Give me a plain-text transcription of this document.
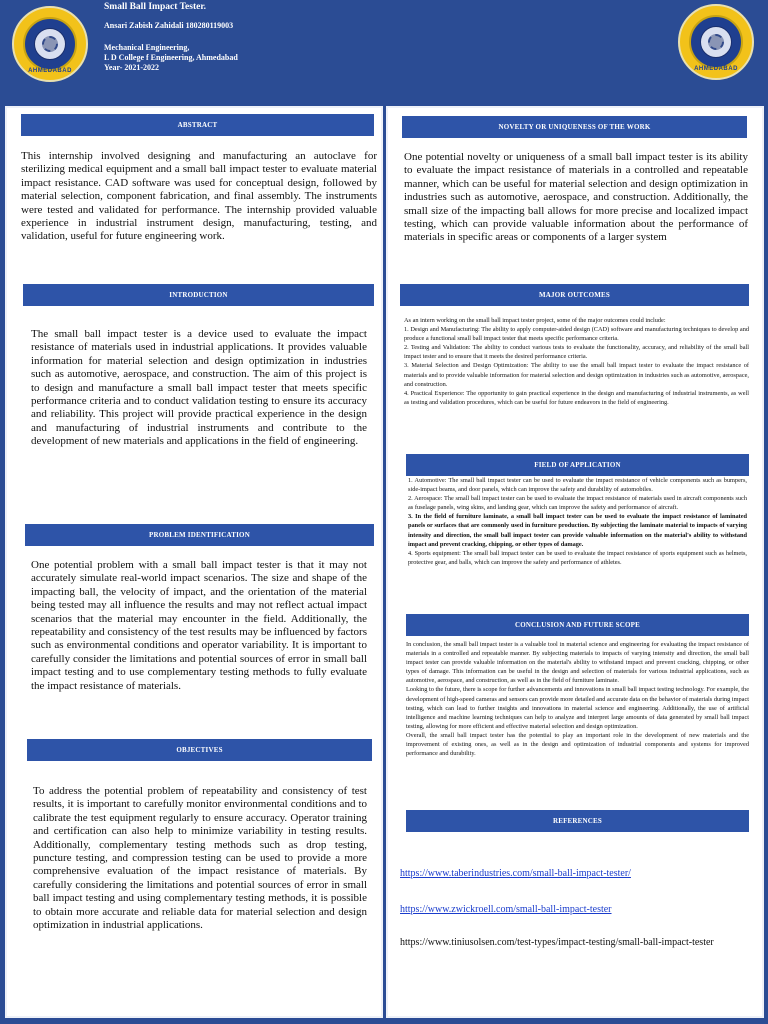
AHMEDABAD
Small Ball Impact Tester.
Ansari Zabish Zahidali 180280119003
Mechanical Engineering,
L D College f Engineering, Ahmedabad
Year- 2021-2022	AHMEDABAD
ABSTRACT
This internship involved designing and manufacturing an autoclave for sterilizing medical equipment and a small ball impact tester to evaluate material impact resistance. CAD software was used for conceptual design, followed by material selection, component fabrication, and final assembly. The instruments were tested and validated for performance. The internship provided valuable experience in industrial instrument design, manufacturing, testing, and validation, useful for future engineering work.
INTRODUCTION
The small ball impact tester is a device used to evaluate the impact resistance of materials used in industrial applications. It provides valuable information for material selection and design optimization in industries such as automotive, aerospace, and construction. The aim of this project is to design and manufacture a small ball impact tester that meets specific performance criteria and to conduct validation testing to ensure its accuracy and reliability. This project will provide practical experience in the design and manufacturing of industrial instruments and contribute to the development of new materials and applications in the field of engineering.
PROBLEM IDENTIFICATION
One potential problem with a small ball impact tester is that it may not accurately simulate real-world impact scenarios. The size and shape of the impacting ball, the velocity of impact, and the orientation of the material being tested may all influence the results and may not reflect actual impact scenarios that the material may encounter in the field. Additionally, the repeatability and consistency of the test results may be influenced by factors such as environmental conditions and operator variability. It is important to carefully consider the limitations and potential sources of error in small ball impact testing and to use complementary testing methods to fully evaluate the impact resistance of materials.
OBJECTIVES
To address the potential problem of repeatability and consistency of test results, it is important to carefully monitor environmental conditions and to calibrate the test equipment regularly to ensure accuracy. Operator training and certification can also help to minimize variability in testing results. Additionally, complementary testing methods such as drop testing, puncture testing, and compression testing can be used to provide a more comprehensive evaluation of the impact resistance of materials. By carefully considering the limitations and potential sources of error in small ball impact testing and using complementary testing methods, it is possible to obtain more accurate and reliable data for material selection and design optimization in industrial applications.
NOVELTY OR UNIQUENESS OF THE WORK
One potential novelty or uniqueness of a small ball impact tester is its ability to evaluate the impact resistance of materials in a controlled and repeatable manner, which can be useful for material selection and design optimization in industries such as automotive, aerospace, and construction. Additionally, the small size of the impacting ball allows for more precise and localized impact testing, which can provide valuable information about the performance of materials in specific areas or components of a larger system
MAJOR OUTCOMES
As an intern working on the small ball impact tester project, some of the major outcomes could include:
1. Design and Manufacturing: The ability to apply computer-aided design (CAD) software and manufacturing techniques to develop and produce a functional small ball impact tester that meets specific performance criteria.
2. Testing and Validation: The ability to conduct various tests to evaluate the functionality, accuracy, and reliability of the small ball impact tester and to ensure that it meets the desired performance criteria.
3. Material Selection and Design Optimization: The ability to use the small ball impact tester to evaluate the impact resistance of materials and to provide valuable information for material selection and design optimization in industries such as automotive, aerospace, and construction.
4. Practical Experience: The opportunity to gain practical experience in the design and manufacturing of industrial instruments, as well as testing and validation procedures, which can be useful for future endeavors in the field of engineering.
FIELD OF APPLICATION
1. Automotive: The small ball impact tester can be used to evaluate the impact resistance of vehicle components such as bumpers, side-impact beams, and door panels, which can improve the safety and durability of automobiles.
2. Aerospace: The small ball impact tester can be used to evaluate the impact resistance of materials used in aircraft components such as fuselage panels, wing skins, and landing gear, which can improve the safety and performance of aircraft.
3. In the field of furniture laminate, a small ball impact tester can be used to evaluate the impact resistance of laminated panels or surfaces that are commonly used in furniture production. By subjecting the laminate material to impacts of varying intensity and direction, the small ball impact tester can provide valuable information on the material's ability to withstand impact and prevent cracking, chipping, or other types of damage.
4. Sports equipment: The small ball impact tester can be used to evaluate the impact resistance of sports equipment such as helmets, protective gear, and balls, which can improve the safety and performance of athletes.
CONCLUSION AND FUTURE SCOPE
In conclusion, the small ball impact tester is a valuable tool in material science and engineering for evaluating the impact resistance of materials in a controlled and repeatable manner. By subjecting materials to impacts of varying intensity and direction, the small ball impact tester can provide valuable information on the material's ability to withstand impact and prevent cracking, chipping, or other types of damage. This information can be useful in the design and selection of materials for various industrial applications, such as automotive, aerospace, and construction, as well as in the field of furniture laminate.
Looking to the future, there is scope for further advancements and innovations in small ball impact testing technology. For example, the development of high-speed cameras and sensors can provide more detailed and accurate data on the behavior of materials during impact testing, which can lead to further insights and innovations in material science and engineering. Additionally, the use of artificial intelligence and machine learning techniques can help to analyze and interpret large amounts of data generated by small ball impact testing, allowing for more efficient and effective material selection and design optimization.
Overall, the small ball impact tester has the potential to play an important role in the development of new materials and the improvement of existing ones, as well as in the design and optimization of industrial components and systems for improved performance and durability.
REFERENCES
https://www.taberindustries.com/small-ball-impact-tester/
https://www.zwickroell.com/small-ball-impact-tester
https://www.tiniusolsen.com/test-types/impact-testing/small-ball-impact-tester
